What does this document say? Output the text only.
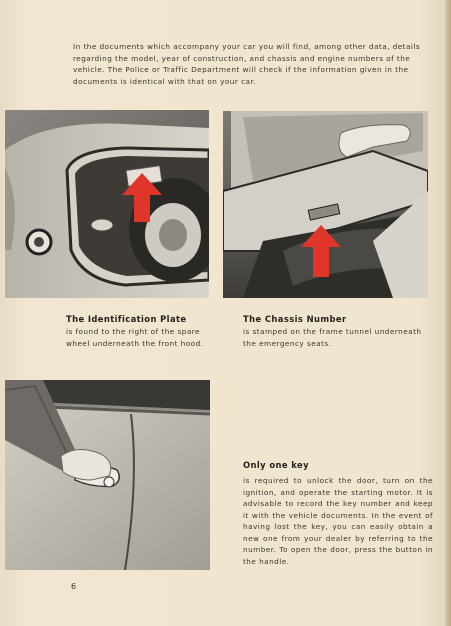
In the documents which accompany your car you will find, among other data, details regarding the model, year of construction, and chassis and engine numbers of the vehicle. The Police or Traffic Department will check if the information given in the documents is identical with that on your car.

The Identification Plate

is found to the right of the spare wheel underneath the front hood.

The Chassis Number

is stamped on the frame tunnel underneath the emergency seats.

Only one key

is required to unlock the door, turn on the ignition, and operate the starting motor. It is advisable to record the key number and keep it with the vehicle documents. In the event of having lost the key, you can easily obtain a new one from your dealer by referring to the number. To open the door, press the button in the handle.

6
